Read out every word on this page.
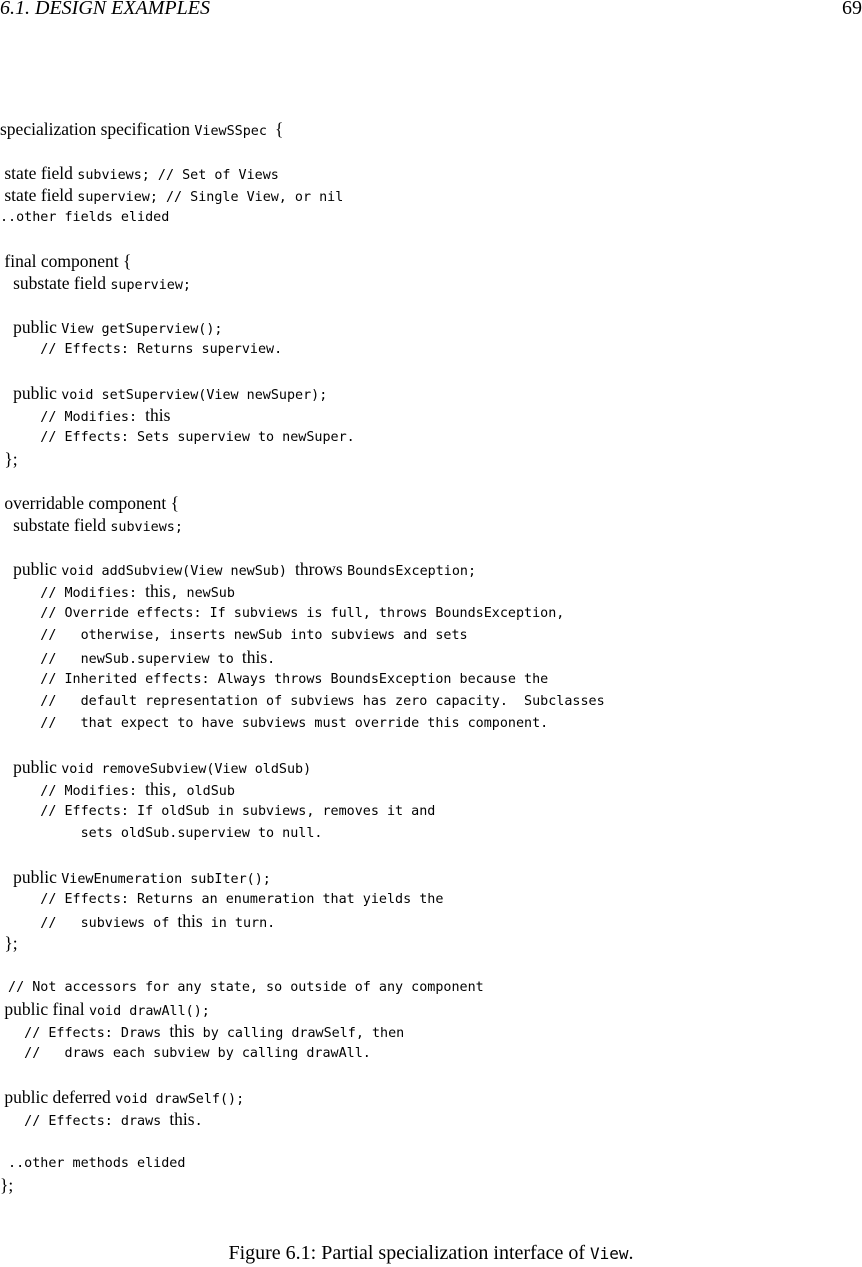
6.1. DESIGN EXAMPLES	69
specialization specification ViewSSpec {
state field subviews; // Set of Views
state field superview; // Single View, or nil
..other fields elided
final component {
substate field superview;
public View getSuperview();
// Effects: Returns superview.
public void setSuperview(View newSuper);
// Modifies: this
// Effects: Sets superview to newSuper.
};
overridable component {
substate field subviews;
public void addSubview(View newSub) throws BoundsException;
// Modifies: this, newSub
// Override effects: If subviews is full, throws BoundsException,
//   otherwise, inserts newSub into subviews and sets
//   newSub.superview to this.
// Inherited effects: Always throws BoundsException because the
//   default representation of subviews has zero capacity.  Subclasses
//   that expect to have subviews must override this component.
public void removeSubview(View oldSub)
// Modifies: this, oldSub
// Effects: If oldSub in subviews, removes it and
sets oldSub.superview to null.
public ViewEnumeration subIter();
// Effects: Returns an enumeration that yields the
//   subviews of this in turn.
};
// Not accessors for any state, so outside of any component
public final void drawAll();
// Effects: Draws this by calling drawSelf, then
//   draws each subview by calling drawAll.
public deferred void drawSelf();
// Effects: draws this.
..other methods elided
};
Figure 6.1: Partial specialization interface of View.
